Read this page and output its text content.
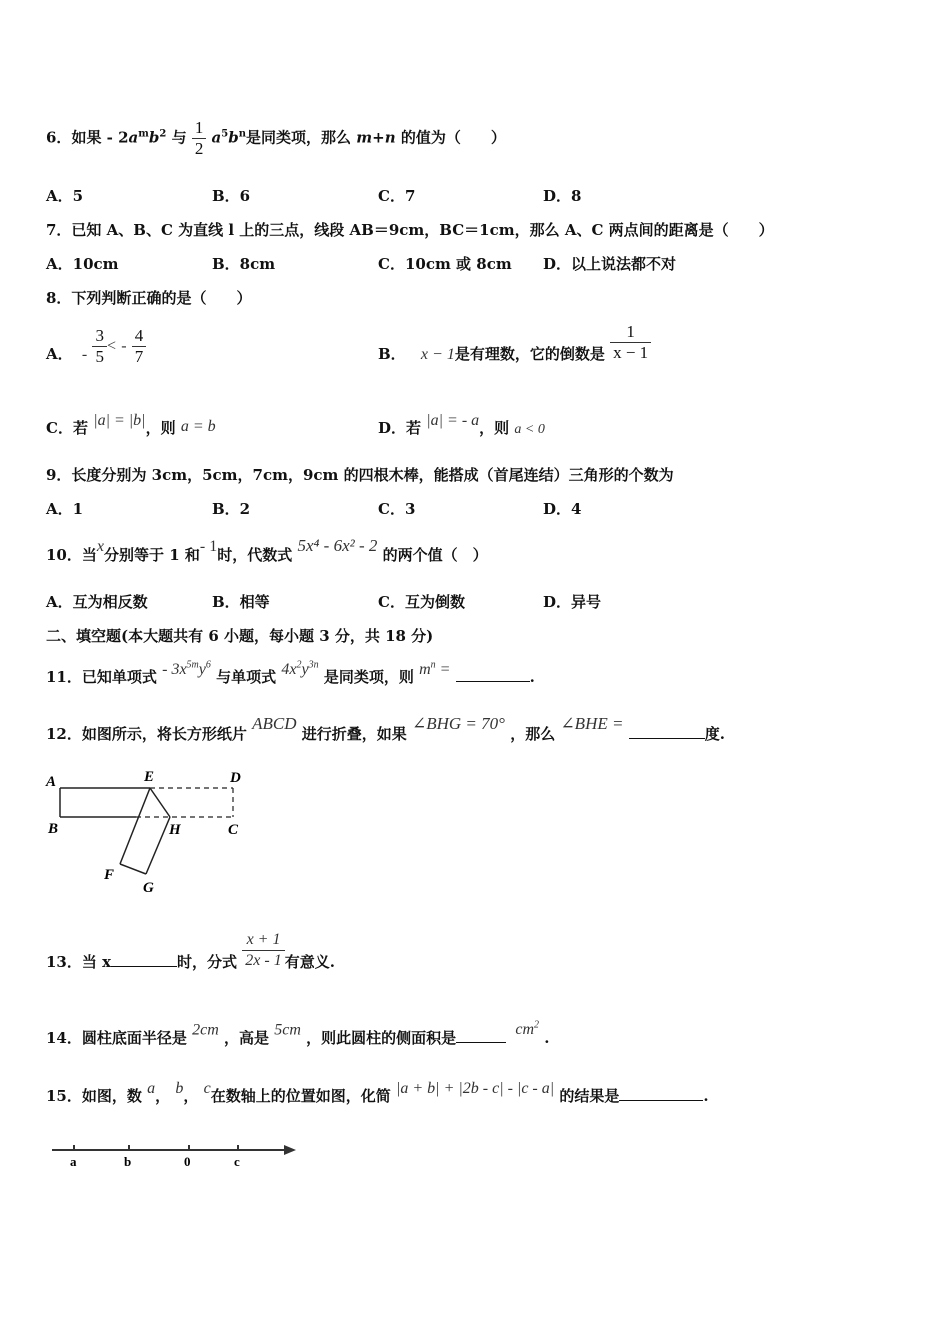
6．如果 - $2a^mb^2$ 与 $\frac{1}{2} a^5b^n$是同类项，那么 m+n 的值为（　　）
A．5	B．6	C．7	D．8
7．已知 A、B、C 为直线 l 上的三点，线段 AB＝9cm，BC＝1cm，那么 A、C 两点间的距离是（　　）
A．10cm	B．8cm	C．10cm 或 8cm D．以上说法都不对
8．下列判断正确的是（　　）
A． - $\frac{3}{5}$ < - $\frac{4}{7}$	B． x − 1是有理数，它的倒数是 $\frac{1}{x - 1}$
C．若 |a| = |b|，则 a = b	D．若 |a| = - a，则 a < 0
9．长度分别为 3cm，5cm，7cm，9cm 的四根木棒，能搭成（首尾连结）三角形的个数为
A．1	B．2	C．3	D．4
10．当x分别等于 1 和- 1时，代数式 5x⁴ - 6x² - 2 的两个值（　）
A．互为相反数	B．相等	C．互为倒数	D．异号
二、填空题(本大题共有 6 小题，每小题 3 分，共 18 分)
11．已知单项式 - $3x^{5m}y^6$ 与单项式 $4x^2y^{3n}$ 是同类项，则 $m^n$ =	.
12．如图所示，将长方形纸片 ABCD 进行折叠，如果 ∠BHG = 70° ，那么 ∠BHE = 度.
A
B	C
D
E
F
G
H
13．当 x	时，分式 $\frac{x + 1}{2x - 1}$ 有意义.
14．圆柱底面半径是 2cm ，高是 5cm ，则此圆柱的侧面积是	$cm^2$ .
15．如图，数 a， b， c在数轴上的位置如图，化简 |a + b| + |2b - c| - |c - a| 的结果是	.
a	b	0	c
